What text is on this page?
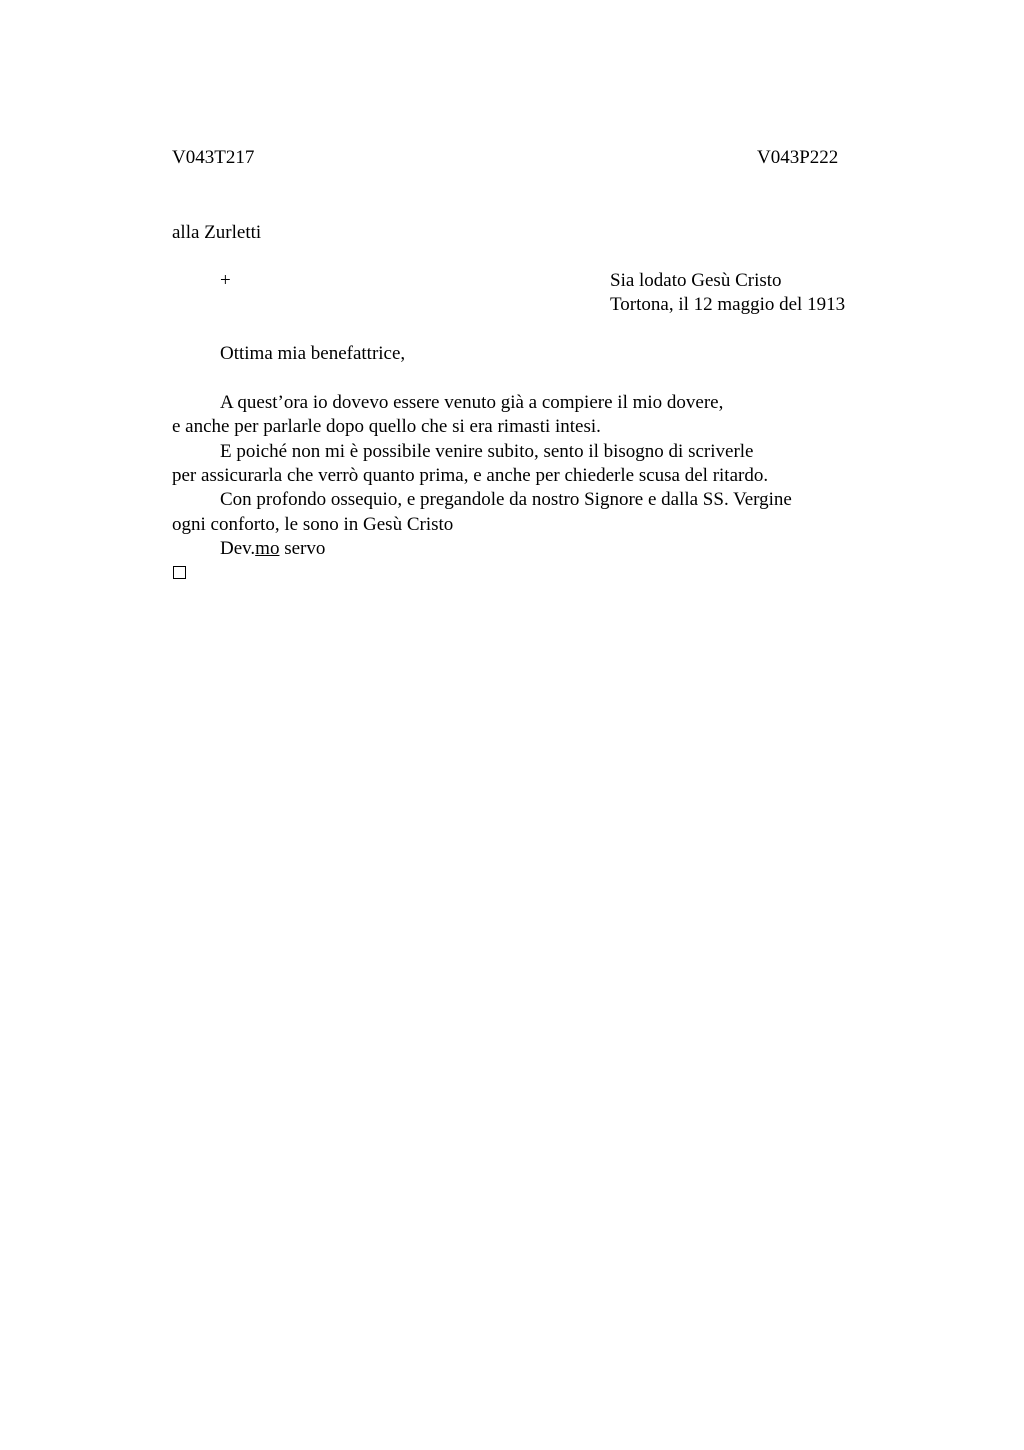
V043T217	V043P222
alla Zurletti
+	Sia lodato Gesù Cristo
Tortona, il 12 maggio del 1913
Ottima mia benefattrice,
A quest’ora io dovevo essere venuto già a compiere il mio dovere,
e anche per parlarle dopo quello che si era rimasti intesi.
E poiché non mi è possibile venire subito, sento il bisogno di scriverle
per assicurarla che verrò quanto prima, e anche per chiederle scusa del ritardo.
Con profondo ossequio, e pregandole da nostro Signore e dalla SS. Vergine
ogni conforto, le sono in Gesù Cristo
Dev.mo servo
